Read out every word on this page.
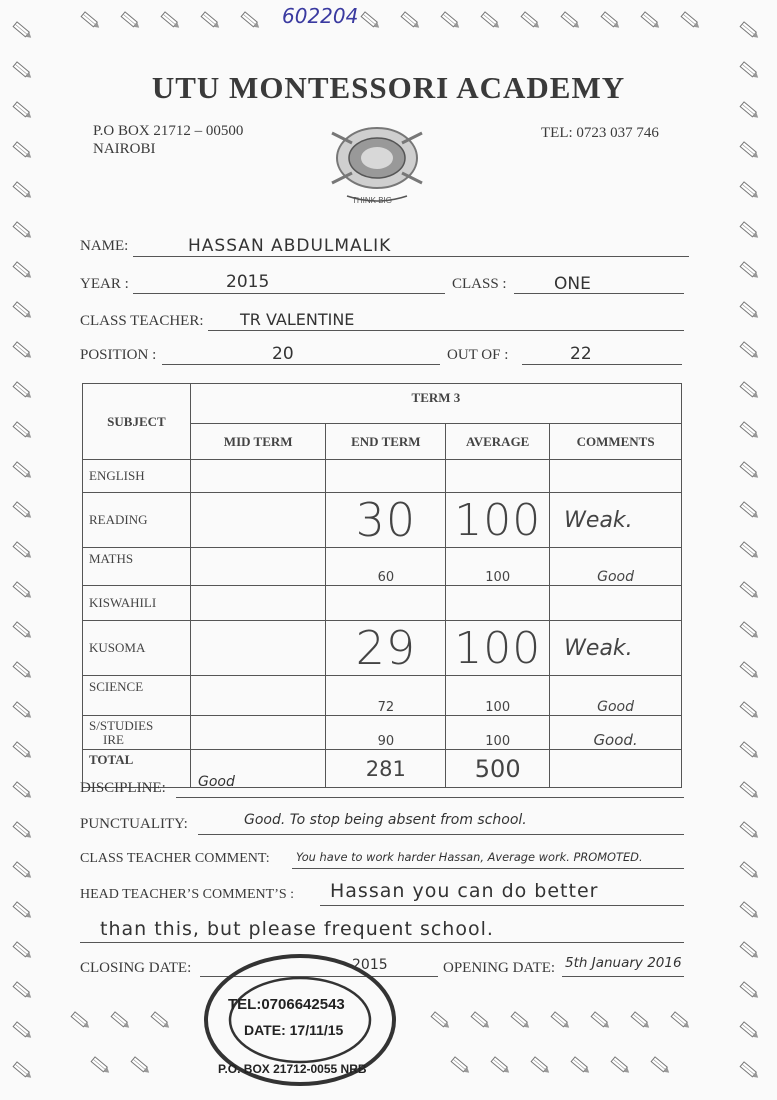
602204
UTU MONTESSORI ACADEMY
P.O BOX 21712 – 00500
NAIROBI
TEL: 0723 037 746
THINK BIG
NAME:	HASSAN ABDULMALIK
YEAR :	2015	CLASS :	ONE
CLASS TEACHER: TR VALENTINE
POSITION :	20	OUT OF :	22
SUBJECT	TERM 3			
	MID TERM	END TERM	AVERAGE	COMMENTS
ENGLISH				
READING		30	100	Weak.
MATHS		60	100	Good
KISWAHILI				
KUSOMA		29	100	Weak.
SCIENCE		72	100	Good

S/STUDIES
IRE		90	100	Good.
TOTAL		281	500	
DISCIPLINE: Good
PUNCTUALITY:	Good. To stop being absent from school.
CLASS TEACHER COMMENT: You have to work harder Hassan, Average work. PROMOTED.
HEAD TEACHER’S COMMENT’S : Hassan you can do better
than this, but please frequent school.
CLOSING DATE:	2015	OPENING DATE: 5th January 2016
TEL:0706642543
DATE: 17/11/15
P.O. BOX 21712-0055 NRB
